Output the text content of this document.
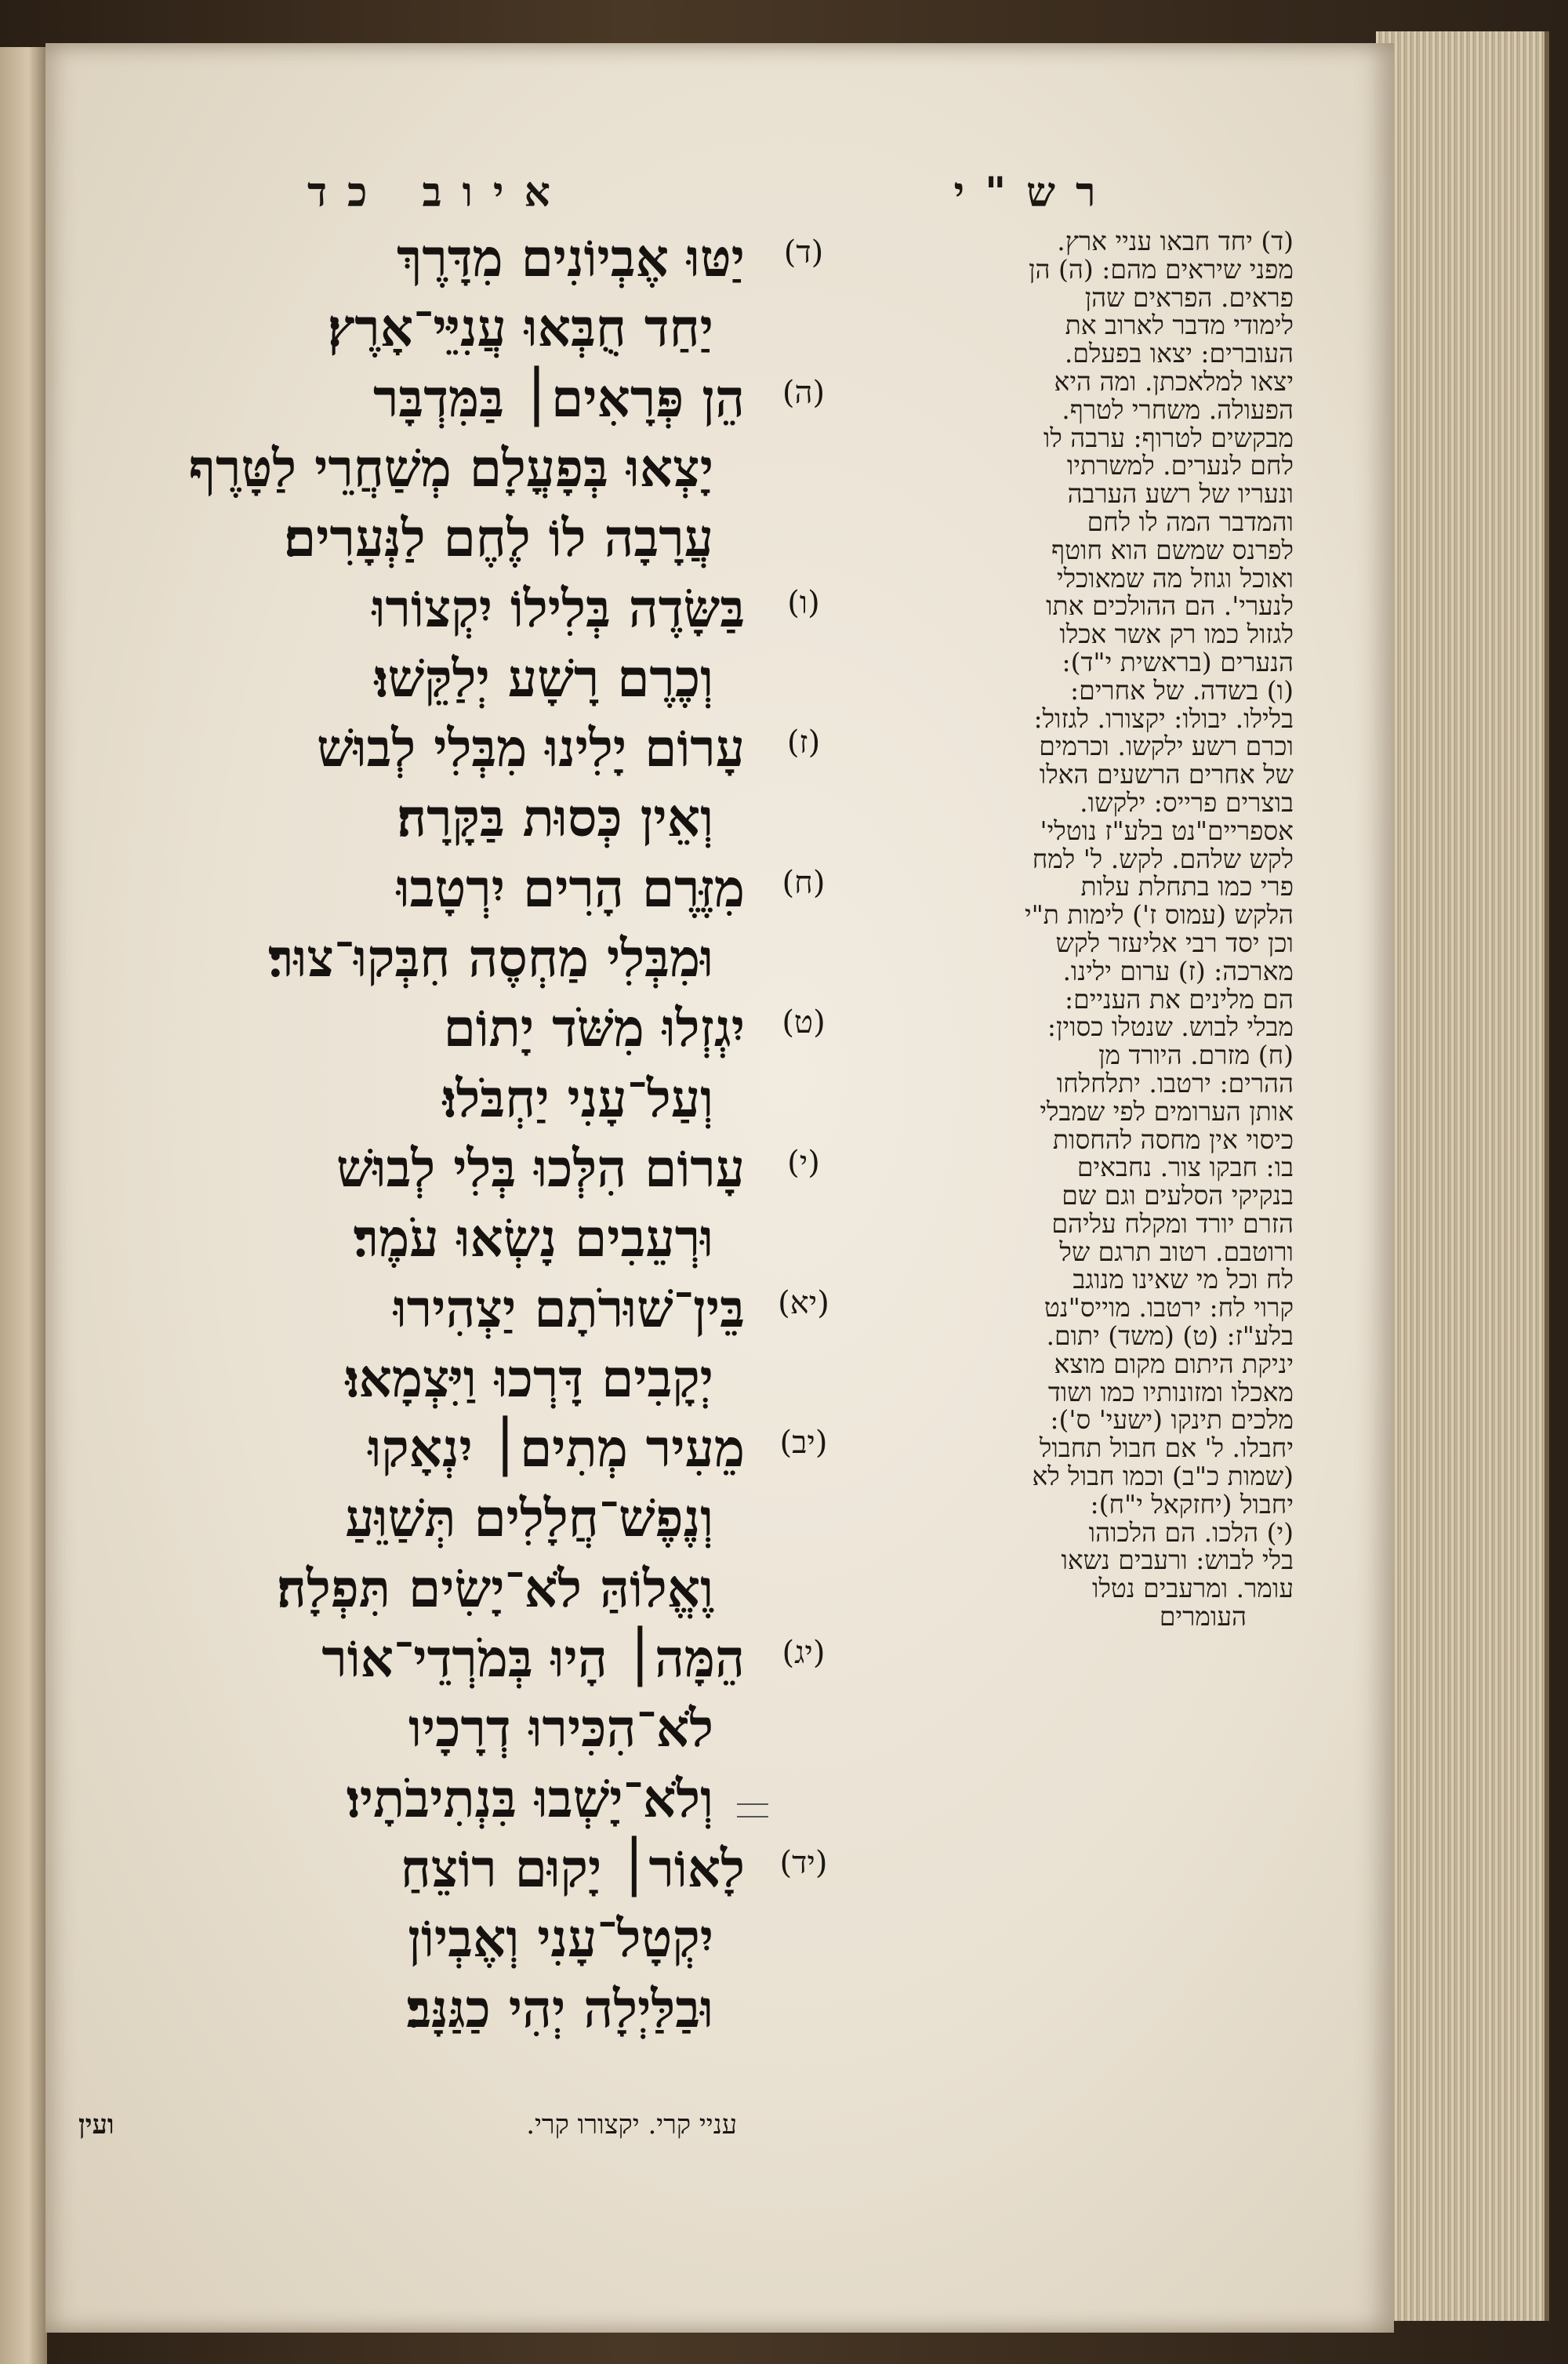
רש"י
איוב כד
(ד)
יַטּוּ אֶבְיוֹנִים מִדָּרֶךְ
יַחַד חֻבְּאוּ עֲנִיֵּי־אָרֶץ׃
(ה)
הֵן פְּרָאִים׀ בַּמִּדְבָּר
יָצְאוּ בְּפָעֳלָם מְשַׁחֲרֵי לַטָּרֶף
עֲרָבָה לוֹ לֶחֶם לַנְּעָרִים׃
(ו)
בַּשָּׂדֶה בְּלִילוֹ יִקְצוֹרוּ
וְכֶרֶם רָשָׁע יְלַקֵּשׁוּ׃
(ז)
עָרוֹם יָלִינוּ מִבְּלִי לְבוּשׁ
וְאֵין כְּסוּת בַּקָּרָה׃
(ח)
מִזֶּרֶם הָרִים יִרְטָבוּ
וּמִבְּלִי מַחְסֶה חִבְּקוּ־צוּר׃
(ט)
יִגְזְלוּ מִשֹּׁד יָתוֹם
וְעַל־עָנִי יַחְבֹּלוּ׃
(י)
עָרוֹם הִלְּכוּ בְּלִי לְבוּשׁ
וּרְעֵבִים נָשְׂאוּ עֹמֶר׃
(יא)
בֵּין־שׁוּרֹתָם יַצְהִירוּ
יְקָבִים דָּרְכוּ וַיִּצְמָאוּ׃
(יב)
מֵעִיר מְתִים׀ יִנְאָקוּ
וְנֶפֶשׁ־חֲלָלִים תְּשַׁוֵּעַ
וֶאֱלוֹהַּ לֹא־יָשִׂים תִּפְלָה׃
(יג)
הֵמָּה׀ הָיוּ בְּמֹרְדֵי־אוֹר
לֹא־הִכִּירוּ דְרָכָיו
וְלֹא־יָשְׁבוּ בִּנְתִיבֹתָיו׃
(יד)
לָאוֹר׀ יָקוּם רוֹצֵחַ
יִקְטָל־עָנִי וְאֶבְיוֹן
וּבַלַּיְלָה יְהִי כַגַּנָּב׃
(ד) יחד חבאו עניי ארץ.
מפני שיראים מהם: (ה) הן
פראים. הפראים שהן
לימודי מדבר לארוב את
העוברים: יצאו בפעלם.
יצאו למלאכתן. ומה היא
הפעולה. משחרי לטרף.
מבקשים לטרוף: ערבה לו
לחם לנערים. למשרתיו
ונעריו של רשע הערבה
והמדבר המה לו לחם
לפרנס שמשם הוא חוטף
ואוכל וגוזל מה שמאוכלי
לנערי'. הם ההולכים אתו
לגזול כמו רק אשר אכלו
הנערים (בראשית י"ד):
(ו) בשדה. של אחרים:
בלילו. יבולו: יקצורו. לגזול:
וכרם רשע ילקשו. וכרמים
של אחרים הרשעים האלו
בוצרים פרייס: ילקשו.
אספריים"נט בלע"ז נוטלי'
לקש שלהם. לקש. ל' למח
פרי כמו בתחלת עלות
הלקש (עמוס ז') לימות ת"י
וכן יסד רבי אליעזר לקש
מארכה: (ז) ערום ילינו.
הם מלינים את העניים:
מבלי לבוש. שנטלו כסוין:
(ח) מזרם. היורד מן
ההרים: ירטבו. יתלחלחו
אותן הערומים לפי שמבלי
כיסוי אין מחסה להחסות
בו: חבקו צור. נחבאים
בנקיקי הסלעים וגם שם
הזרם יורד ומקלח עליהם
ורוטבם. רטוב תרגם של
לח וכל מי שאינו מנוגב
קרוי לח: ירטבו. מוייס"נט
בלע"ז: (ט) (משד) יתום.
יניקת היתום מקום מוצא
מאכלו ומזונותיו כמו ושוד
מלכים תינקו (ישעי' ס'):
יחבלו. ל' אם חבול תחבול
(שמות כ"ב) וכמו חבול לא
יחבול (יחזקאל י"ח):
(י) הלכו. הם הלכוהו
בלי לבוש: ורעבים נשאו
עומר. ומרעבים נטלו
העומרים
עניי קרי. יקצורו קרי.
ועין
